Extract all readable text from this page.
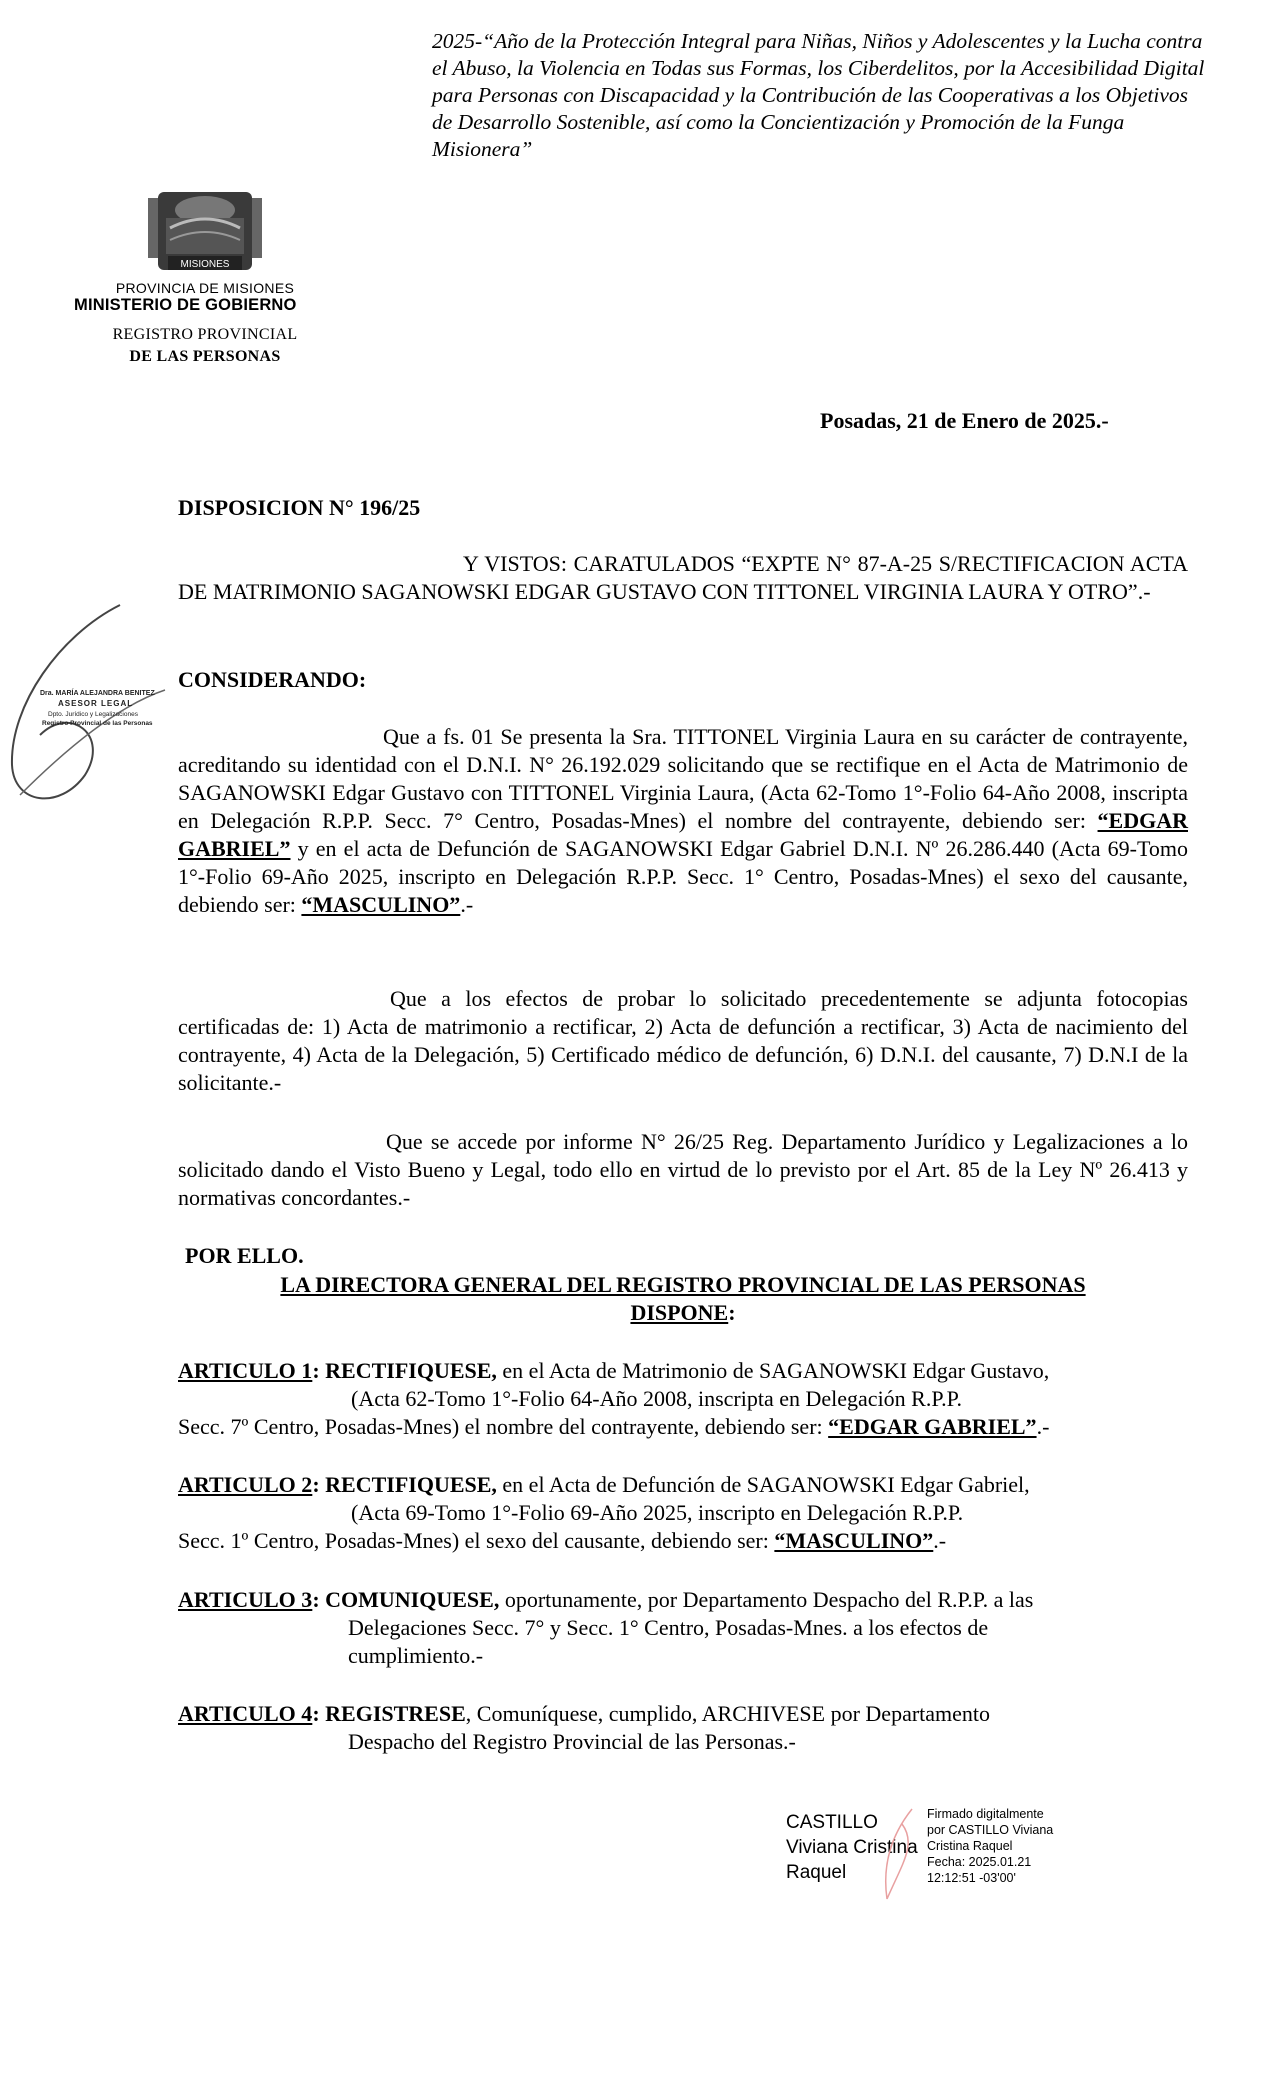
2025-“Año de la Protección Integral para Niñas, Niños y Adolescentes y la Lucha contra el Abuso, la Violencia en Todas sus Formas, los Ciberdelitos, por la Accesibilidad Digital para Personas con Discapacidad y la Contribución de las Cooperativas a los Objetivos de Desarrollo Sostenible, así como la Concientización y Promoción de la Funga Misionera”
MISIONES
PROVINCIA DE MISIONES
MINISTERIO DE GOBIERNO
REGISTRO PROVINCIAL
DE LAS PERSONAS
Posadas, 21 de Enero de 2025.-
DISPOSICION N° 196/25
Y VISTOS: CARATULADOS “EXPTE N° 87-A-25 S/RECTIFICACION ACTA DE MATRIMONIO SAGANOWSKI EDGAR GUSTAVO CON TITTONEL VIRGINIA LAURA Y OTRO”.-
CONSIDERANDO:
Que a fs. 01 Se presenta la Sra. TITTONEL Virginia Laura en su carácter de contrayente, acreditando su identidad con el D.N.I. N° 26.192.029 solicitando que se rectifique en el Acta de Matrimonio de SAGANOWSKI Edgar Gustavo con TITTONEL Virginia Laura, (Acta 62-Tomo 1°-Folio 64-Año 2008, inscripta en Delegación R.P.P. Secc. 7° Centro, Posadas-Mnes) el nombre del contrayente, debiendo ser: “EDGAR GABRIEL” y en el acta de Defunción de SAGANOWSKI Edgar Gabriel D.N.I. Nº 26.286.440 (Acta 69-Tomo 1°-Folio 69-Año 2025, inscripto en Delegación R.P.P. Secc. 1° Centro, Posadas-Mnes) el sexo del causante, debiendo ser: “MASCULINO”.-
Que a los efectos de probar lo solicitado precedentemente se adjunta fotocopias certificadas de: 1) Acta de matrimonio a rectificar, 2) Acta de defunción a rectificar, 3) Acta de nacimiento del contrayente, 4) Acta de la Delegación, 5) Certificado médico de defunción, 6) D.N.I. del causante, 7) D.N.I de la solicitante.-
Que se accede por informe N° 26/25 Reg. Departamento Jurídico y Legalizaciones a lo solicitado dando el Visto Bueno y Legal, todo ello en virtud de lo previsto por el Art. 85 de la Ley Nº 26.413 y normativas concordantes.-
POR ELLO.
LA DIRECTORA GENERAL DEL REGISTRO PROVINCIAL DE LAS PERSONAS
DISPONE:
ARTICULO 1: RECTIFIQUESE, en el Acta de Matrimonio de SAGANOWSKI Edgar Gustavo,
(Acta 62-Tomo 1°-Folio 64-Año 2008, inscripta en Delegación R.P.P.
Secc. 7º Centro, Posadas-Mnes) el nombre del contrayente, debiendo ser: “EDGAR GABRIEL”.-
ARTICULO 2: RECTIFIQUESE, en el Acta de Defunción de SAGANOWSKI Edgar Gabriel,
(Acta 69-Tomo 1°-Folio 69-Año 2025, inscripto en Delegación R.P.P.
Secc. 1º Centro, Posadas-Mnes) el sexo del causante, debiendo ser: “MASCULINO”.-
ARTICULO 3: COMUNIQUESE, oportunamente, por Departamento Despacho del R.P.P. a las
Delegaciones Secc. 7° y Secc. 1° Centro, Posadas-Mnes. a los efectos de
cumplimiento.-
ARTICULO 4: REGISTRESE, Comuníquese, cumplido, ARCHIVESE por Departamento
Despacho del Registro Provincial de las Personas.-
Dra. MARÍA ALEJANDRA BENITEZ
ASESOR LEGAL
Dpto. Jurídico y Legalizaciones
Registro Provincial de las Personas
CASTILLO
Viviana Cristina
Raquel
Firmado digitalmente
por CASTILLO Viviana
Cristina Raquel
Fecha: 2025.01.21
12:12:51 -03'00'
